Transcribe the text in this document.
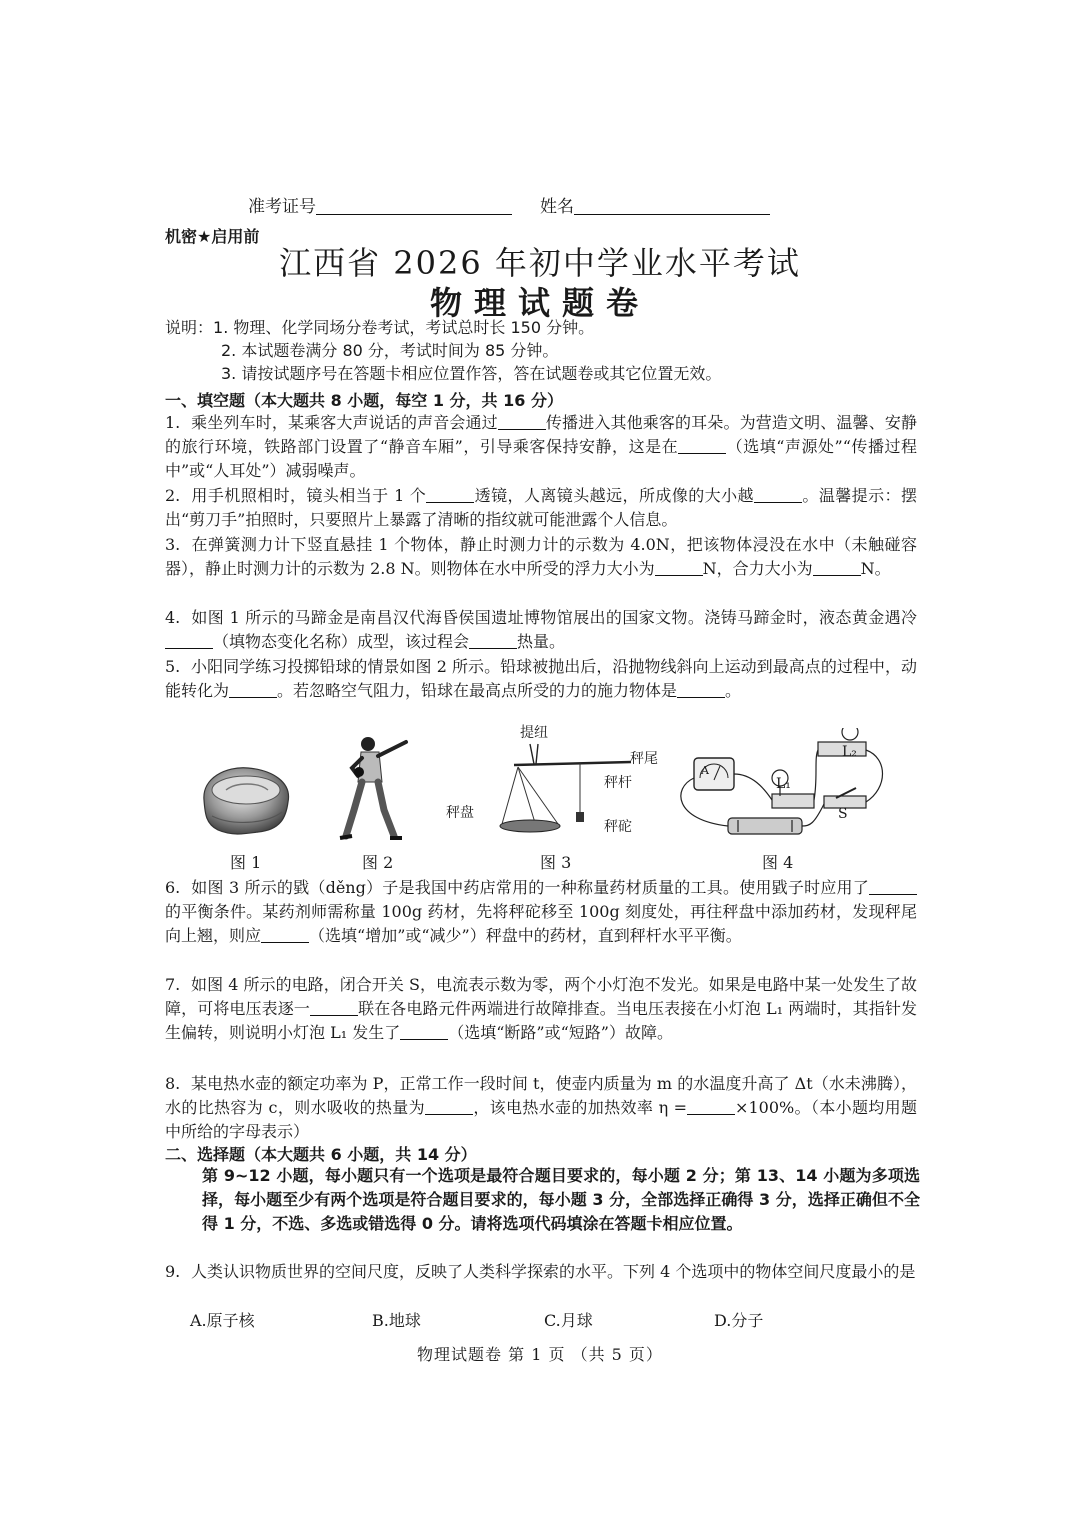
准考证号	姓名
机密★启用前
江西省 2026 年初中学业水平考试
物理试题卷
说明：1. 物理、化学同场分卷考试，考试总时长 150 分钟。
2. 本试题卷满分 80 分，考试时间为 85 分钟。
3. 请按试题序号在答题卡相应位置作答，答在试题卷或其它位置无效。
一、填空题（本大题共 8 小题，每空 1 分，共 16 分）
1. 乘坐列车时，某乘客大声说话的声音会通过	传播进入其他乘客的耳朵。为营造文明、温馨、安静的旅行环境，铁路部门设置了“静音车厢”，引导乘客保持安静，这是在	（选填“声源处”“传播过程中”或“人耳处”）减弱噪声。
2. 用手机照相时，镜头相当于 1 个	透镜，人离镜头越远，所成像的大小越	。温馨提示：摆出“剪刀手”拍照时，只要照片上暴露了清晰的指纹就可能泄露个人信息。
3. 在弹簧测力计下竖直悬挂 1 个物体，静止时测力计的示数为 4.0N，把该物体浸没在水中（未触碰容器），静止时测力计的示数为 2.8 N。则物体在水中所受的浮力大小为	N，合力大小为	N。
4. 如图 1 所示的马蹄金是南昌汉代海昏侯国遗址博物馆展出的国家文物。浇铸马蹄金时，液态黄金遇冷（填物态变化名称）成型，该过程会	热量。
5. 小阳同学练习投掷铅球的情景如图 2 所示。铅球被抛出后，沿抛物线斜向上运动到最高点的过程中，动能转化为	。若忽略空气阻力，铅球在最高点所受的力的施力物体是	。
提纽
秤尾
秤杆
秤盘
秤砣
A
L₁
L₂
S
图 1	图 2	图 3	图 4
6. 如图 3 所示的戥（děng）子是我国中药店常用的一种称量药材质量的工具。使用戥子时应用了的平衡条件。某药剂师需称量 100g 药材，先将秤砣移至 100g 刻度处，再往秤盘中添加药材，发现秤尾向上翘，则应	（选填“增加”或“减少”）秤盘中的药材，直到秤杆水平平衡。
7. 如图 4 所示的电路，闭合开关 S，电流表示数为零，两个小灯泡不发光。如果是电路中某一处发生了故障，可将电压表逐一	联在各电路元件两端进行故障排查。当电压表接在小灯泡 L₁ 两端时，其指针发生偏转，则说明小灯泡 L₁ 发生了	（选填“断路”或“短路”）故障。
8. 某电热水壶的额定功率为 P，正常工作一段时间 t，使壶内质量为 m 的水温度升高了 Δt（水未沸腾），水的比热容为 c，则水吸收的热量为	，该电热水壶的加热效率 η =	×100%。（本小题均用题中所给的字母表示）
二、选择题（本大题共 6 小题，共 14 分）
第 9~12 小题，每小题只有一个选项是最符合题目要求的，每小题 2 分；第 13、14 小题为多项选择，每小题至少有两个选项是符合题目要求的，每小题 3 分，全部选择正确得 3 分，选择正确但不全得 1 分，不选、多选或错选得 0 分。请将选项代码填涂在答题卡相应位置。
9. 人类认识物质世界的空间尺度，反映了人类科学探索的水平。下列 4 个选项中的物体空间尺度最小的是
A.原子核	B.地球	C.月球	D.分子
物理试题卷 第 1 页 （共 5 页）
